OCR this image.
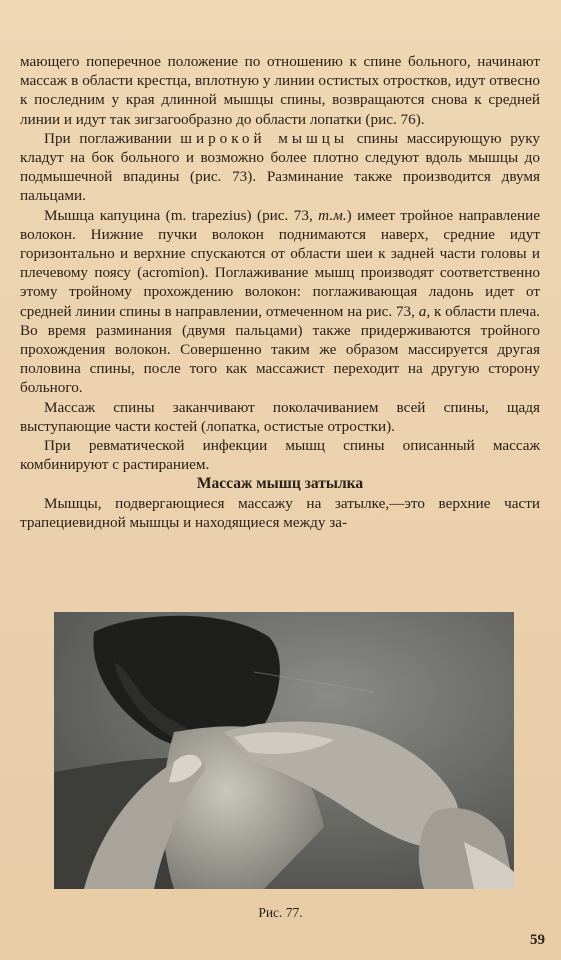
мающего поперечное положение по отношению к спине больного, начинают массаж в области крестца, вплотную у линии остистых отростков, идут отвесно к последним у края длинной мышцы спины, возвращаются снова к средней линии и идут так зигзагообразно до области лопатки (рис. 76).

При поглаживании широкой мышцы спины массирующую руку кладут на бок больного и возможно более плотно следуют вдоль мышцы до подмышечной впадины (рис. 73). Разминание также производится двумя пальцами.

Мышца капуцина (m. trapezius) (рис. 73, т.м.) имеет тройное направление волокон. Нижние пучки волокон поднимаются наверх, средние идут горизонтально и верхние спускаются от области шеи к задней части головы и плечевому поясу (acromion). Поглаживание мышц производят соответственно этому тройному прохождению волокон: поглаживающая ладонь идет от средней линии спины в направлении, отмеченном на рис. 73, а, к области плеча. Во время разминания (двумя пальцами) также придерживаются тройного прохождения волокон. Совершенно таким же образом массируется другая половина спины, после того как массажист переходит на другую сторону больного.

Массаж спины заканчивают поколачиванием всей спины, щадя выступающие части костей (лопатка, остистые отростки).

При ревматической инфекции мышц спины описанный массаж комбинируют с растиранием.

Массаж мышц затылка

Мышцы, подвергающиеся массажу на затылке,—это верхние части трапециевидной мышцы и находящиеся между за-

Рис. 77.
59
